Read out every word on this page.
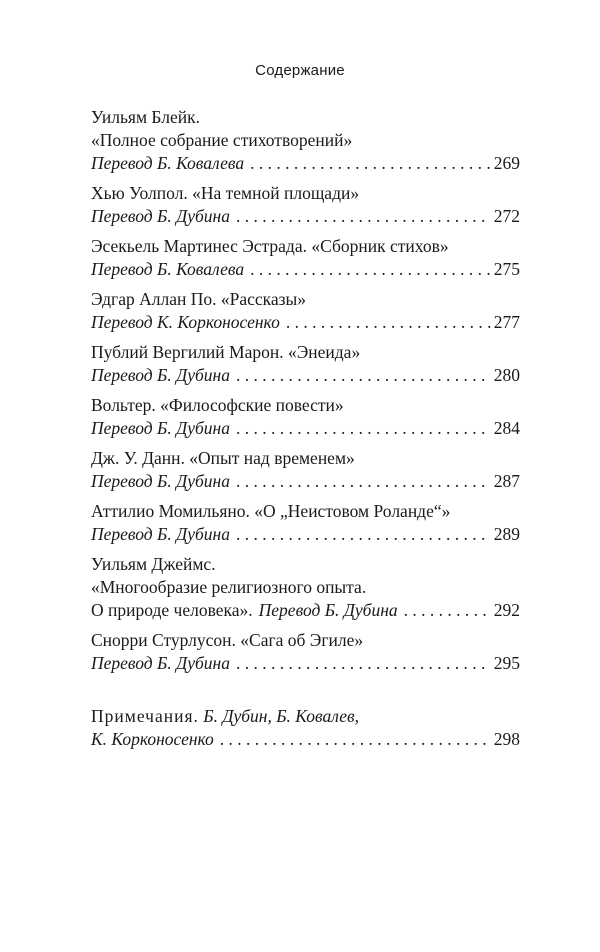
Содержание
Уильям Блейк.
«Полное собрание стихотворений»
Перевод Б. Ковалева . . .	269
Хью Уолпол. «На темной площади»
Перевод Б. Дубина . . .	272
Эсекьель Мартинес Эстрада. «Сборник стихов»
Перевод Б. Ковалева . . .	275
Эдгар Аллан По. «Рассказы»
Перевод К. Корконосенко . . .	277
Публий Вергилий Марон. «Энеида»
Перевод Б. Дубина . . .	280
Вольтер. «Философские повести»
Перевод Б. Дубина . . .	284
Дж. У. Данн. «Опыт над временем»
Перевод Б. Дубина . . .	287
Аттилио Момильяно. «О „Неистовом Роланде“»
Перевод Б. Дубина . . .	289
Уильям Джеймс.
«Многообразие религиозного опыта.
О природе человека». Перевод Б. Дубина . . .	292
Снорри Стурлусон. «Сага об Эгиле»
Перевод Б. Дубина . . .	295
Примечания. Б. Дубин, Б. Ковалев,
К. Корконосенко . . .	298
